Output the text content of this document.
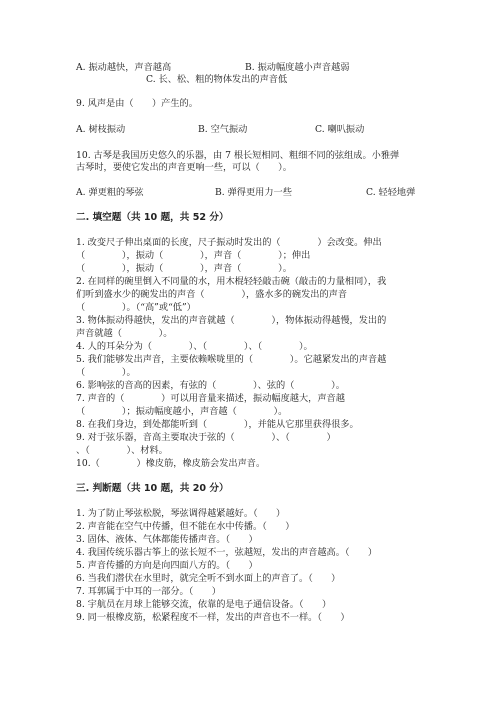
A. 振动越快，声音越高	B. 振动幅度越小声音越弱
C. 长、松、粗的物体发出的声音低
9. 风声是由（　　）产生的。
A. 树枝振动	B. 空气振动	C. 喇叭振动
10. 古琴是我国历史悠久的乐器，由 7 根长短相同、粗细不同的弦组成。小雅弹
古琴时，要使它发出的声音更响一些，可以（　　）。
A. 弹更粗的琴弦	B. 弹得更用力一些	C. 轻轻地弹
二. 填空题（共 10 题，共 52 分）
1. 改变尺子伸出桌面的长度，尺子振动时发出的（　　　　）会改变。伸出
（　　　　），振动（　　　　），声音（　　　　）；伸出
（　　　　），振动（　　　　），声音（　　　　）。
2. 在同样的碗里倒入不同量的水，用木棍轻轻敲击碗（敲击的力量相同），我
们听到盛水少的碗发出的声音（　　　　），盛水多的碗发出的声音
（　　　　）。（“高”或“低”）
3. 物体振动得越快，发出的声音就越（　　　　），物体振动得越慢，发出的
声音就越（　　　　）。
4. 人的耳朵分为（　　　　）、（　　　　）、（　　　　）。
5. 我们能够发出声音，主要依赖喉咙里的（　　　　）。它越紧发出的声音越
（　　　　）。
6. 影响弦的音高的因素，有弦的（　　　　）、弦的（　　　　）。
7. 声音的（　　　　）可以用音量来描述，振动幅度越大，声音越
（　　　　）；振动幅度越小，声音越（　　　　）。
8. 在我们身边，到处都能听到（　　　　），并能从它那里获得很多。
9. 对于弦乐器，音高主要取决于弦的（　　　　）、（　　　　）
、（　　　　）、材料。
10.（　　　　）橡皮筋，橡皮筋会发出声音。
三. 判断题（共 10 题，共 20 分）
1. 为了防止琴弦松脱，琴弦调得越紧越好。（　　）
2. 声音能在空气中传播，但不能在水中传播。（　　）
3. 固体、液体、气体都能传播声音。（　　）
4. 我国传统乐器古筝上的弦长短不一，弦越短，发出的声音越高。（　　）
5. 声音传播的方向是向四面八方的。（　　）
6. 当我们潜伏在水里时，就完全听不到水面上的声音了。（　　）
7. 耳郭属于中耳的一部分。（　　）
8. 宇航员在月球上能够交流，依靠的是电子通信设备。（　　）
9. 同一根橡皮筋，松紧程度不一样，发出的声音也不一样。（　　）
